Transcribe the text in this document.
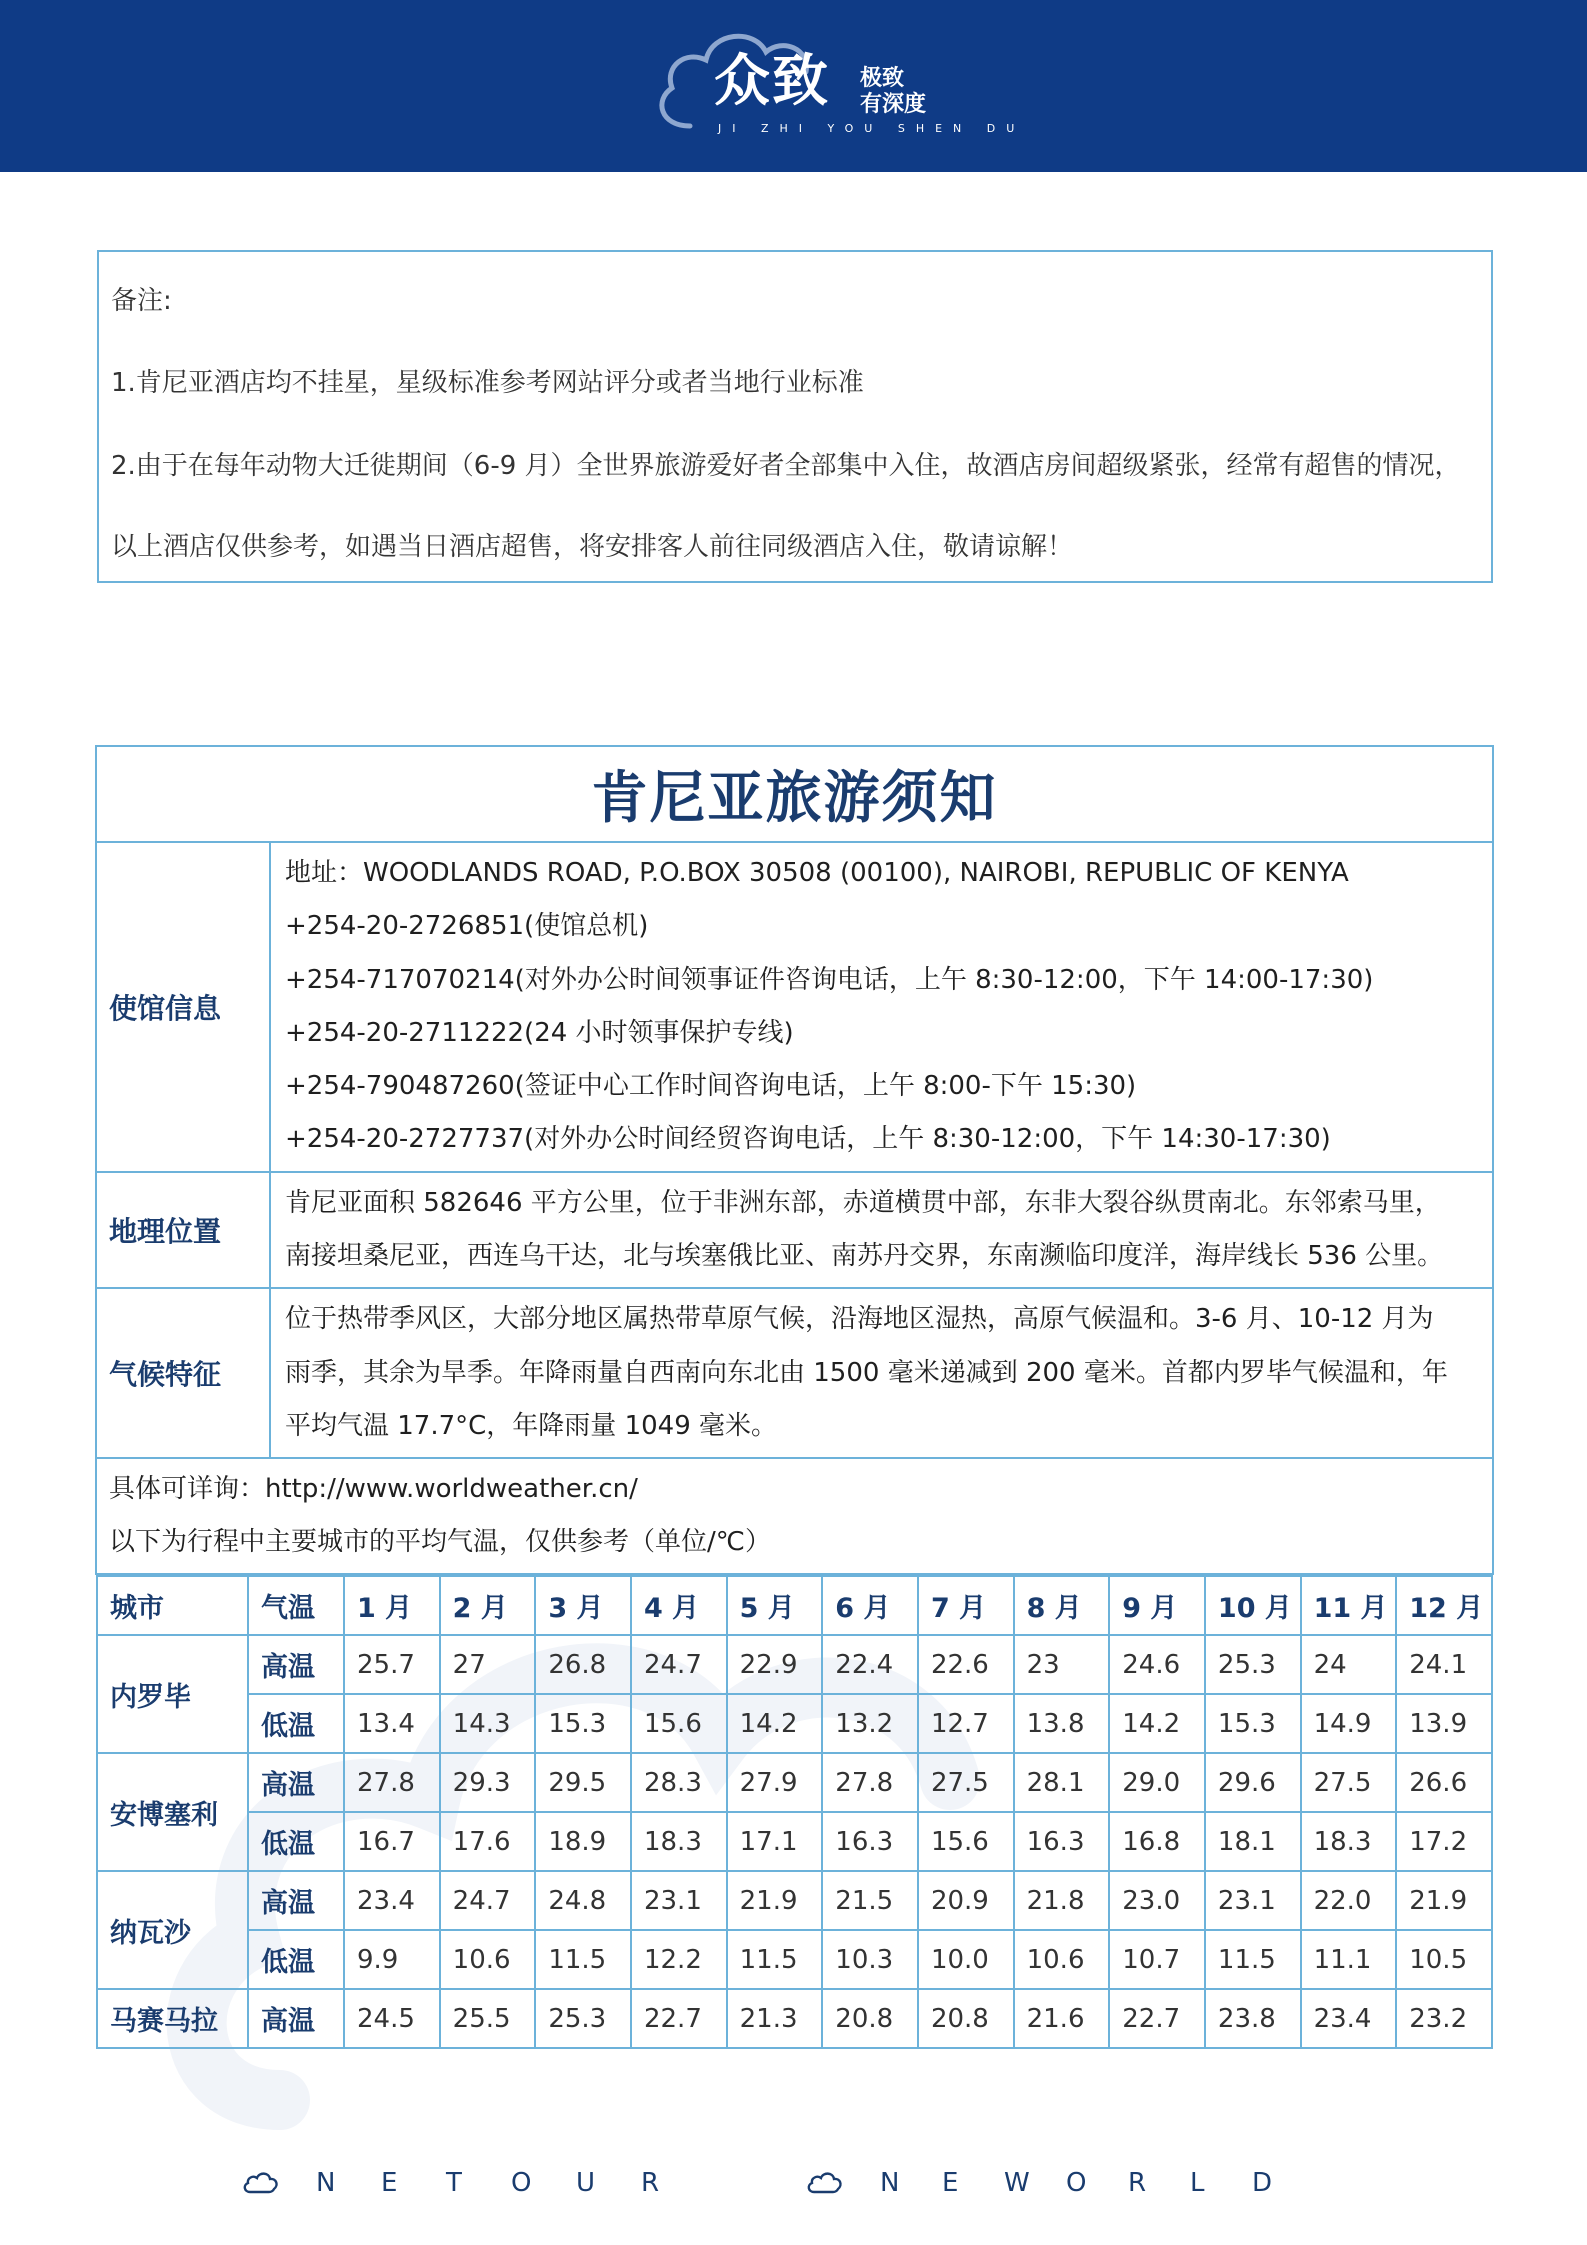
众致 极致
有深度
JI ZHI YOU SHEN DU
备注:
1.肯尼亚酒店均不挂星，星级标准参考网站评分或者当地行业标准
2.由于在每年动物大迁徙期间（6-9 月）全世界旅游爱好者全部集中入住，故酒店房间超级紧张，经常有超售的情况，
以上酒店仅供参考，如遇当日酒店超售，将安排客人前往同级酒店入住，敬请谅解！
肯尼亚旅游须知
使馆信息	
地址：WOODLANDS ROAD, P.O.BOX 30508 (00100), NAIROBI, REPUBLIC OF KENYA
+254-20-2726851(使馆总机)
+254-717070214(对外办公时间领事证件咨询电话，上午 8:30-12:00，下午 14:00-17:30)
+254-20-2711222(24 小时领事保护专线)
+254-790487260(签证中心工作时间咨询电话，上午 8:00-下午 15:30)
+254-20-2727737(对外办公时间经贸咨询电话，上午 8:30-12:00，下午 14:30-17:30)

地理位置	
肯尼亚面积 582646 平方公里，位于非洲东部，赤道横贯中部，东非大裂谷纵贯南北。东邻索马里，
南接坦桑尼亚，西连乌干达，北与埃塞俄比亚、南苏丹交界，东南濒临印度洋，海岸线长 536 公里。

气候特征	
位于热带季风区，大部分地区属热带草原气候，沿海地区湿热，高原气候温和。3-6 月、10-12 月为
雨季，其余为旱季。年降雨量自西南向东北由 1500 毫米递减到 200 毫米。首都内罗毕气候温和，年
平均气温 17.7°C，年降雨量 1049 毫米。

具体可详询：http://www.worldweather.cn/
以下为行程中主要城市的平均气温，仅供参考（单位/℃）

城市	气温	1 月	2 月	3 月	4 月	5 月	6 月	7 月	8 月	9 月	10 月	11 月	12 月
内罗毕	高温	25.7	27	26.8	24.7	22.9	22.4	22.6	23	24.6	25.3	24	24.1
低温	13.4	14.3	15.3	15.6	14.2	13.2	12.7	13.8	14.2	15.3	14.9	13.9
安博塞利	高温	27.8	29.3	29.5	28.3	27.9	27.8	27.5	28.1	29.0	29.6	27.5	26.6
低温	16.7	17.6	18.9	18.3	17.1	16.3	15.6	16.3	16.8	18.1	18.3	17.2
纳瓦沙	高温	23.4	24.7	24.8	23.1	21.9	21.5	20.9	21.8	23.0	23.1	22.0	21.9
低温	9.9	10.6	11.5	12.2	11.5	10.3	10.0	10.6	10.7	11.5	11.1	10.5
马赛马拉	高温	24.5	25.5	25.3	22.7	21.3	20.8	20.8	21.6	22.7	23.8	23.4	23.2
N	E	T	O	U	R	N	E	W	O	R	L	D
